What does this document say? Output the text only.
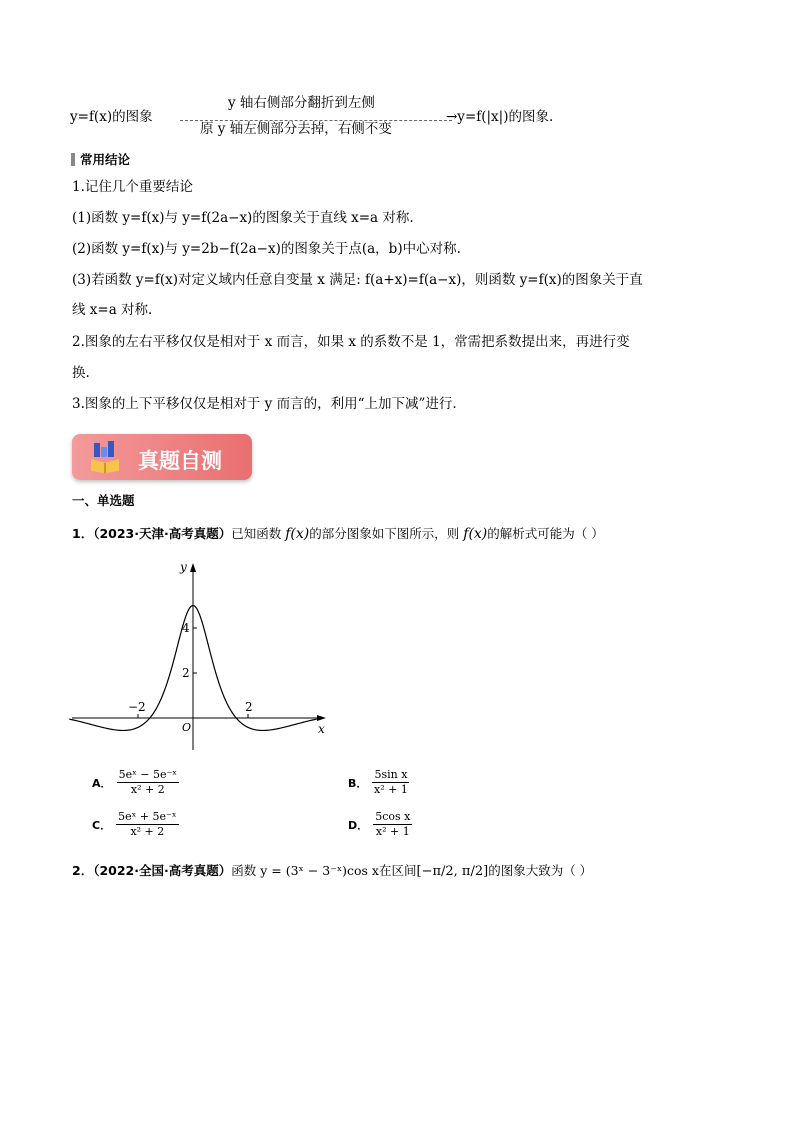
y=f(x)的图象
y 轴右侧部分翻折到左侧
原 y 轴左侧部分去掉，右侧不变
→y=f(|x|)的图象.
常用结论
1.记住几个重要结论
(1)函数 y=f(x)与 y=f(2a−x)的图象关于直线 x=a 对称.
(2)函数 y=f(x)与 y=2b−f(2a−x)的图象关于点(a，b)中心对称.
(3)若函数 y=f(x)对定义域内任意自变量 x 满足: f(a+x)=f(a−x)，则函数 y=f(x)的图象关于直
线 x=a 对称.
2.图象的左右平移仅仅是相对于 x 而言，如果 x 的系数不是 1，常需把系数提出来，再进行变
换.
3.图象的上下平移仅仅是相对于 y 而言的，利用“上加下减”进行.
真题自测
一、单选题
1．（2023·天津·高考真题）已知函数 f(x)的部分图象如下图所示，则 f(x)的解析式可能为（ ）
−2	2
4
2
O	x
y
A． $\frac{\text{5eˣ − 5e⁻ˣ}}{\text{x² + 2}}$	B． $\frac{\text{5sin x}}{\text{x² + 1}}$
C． $\frac{\text{5eˣ + 5e⁻ˣ}}{\text{x² + 2}}$	D． $\frac{\text{5cos x}}{\text{x² + 1}}$
2．（2022·全国·高考真题）函数 y = (3ˣ − 3⁻ˣ)cos x在区间[−π/2, π/2]的图象大致为（ ）
